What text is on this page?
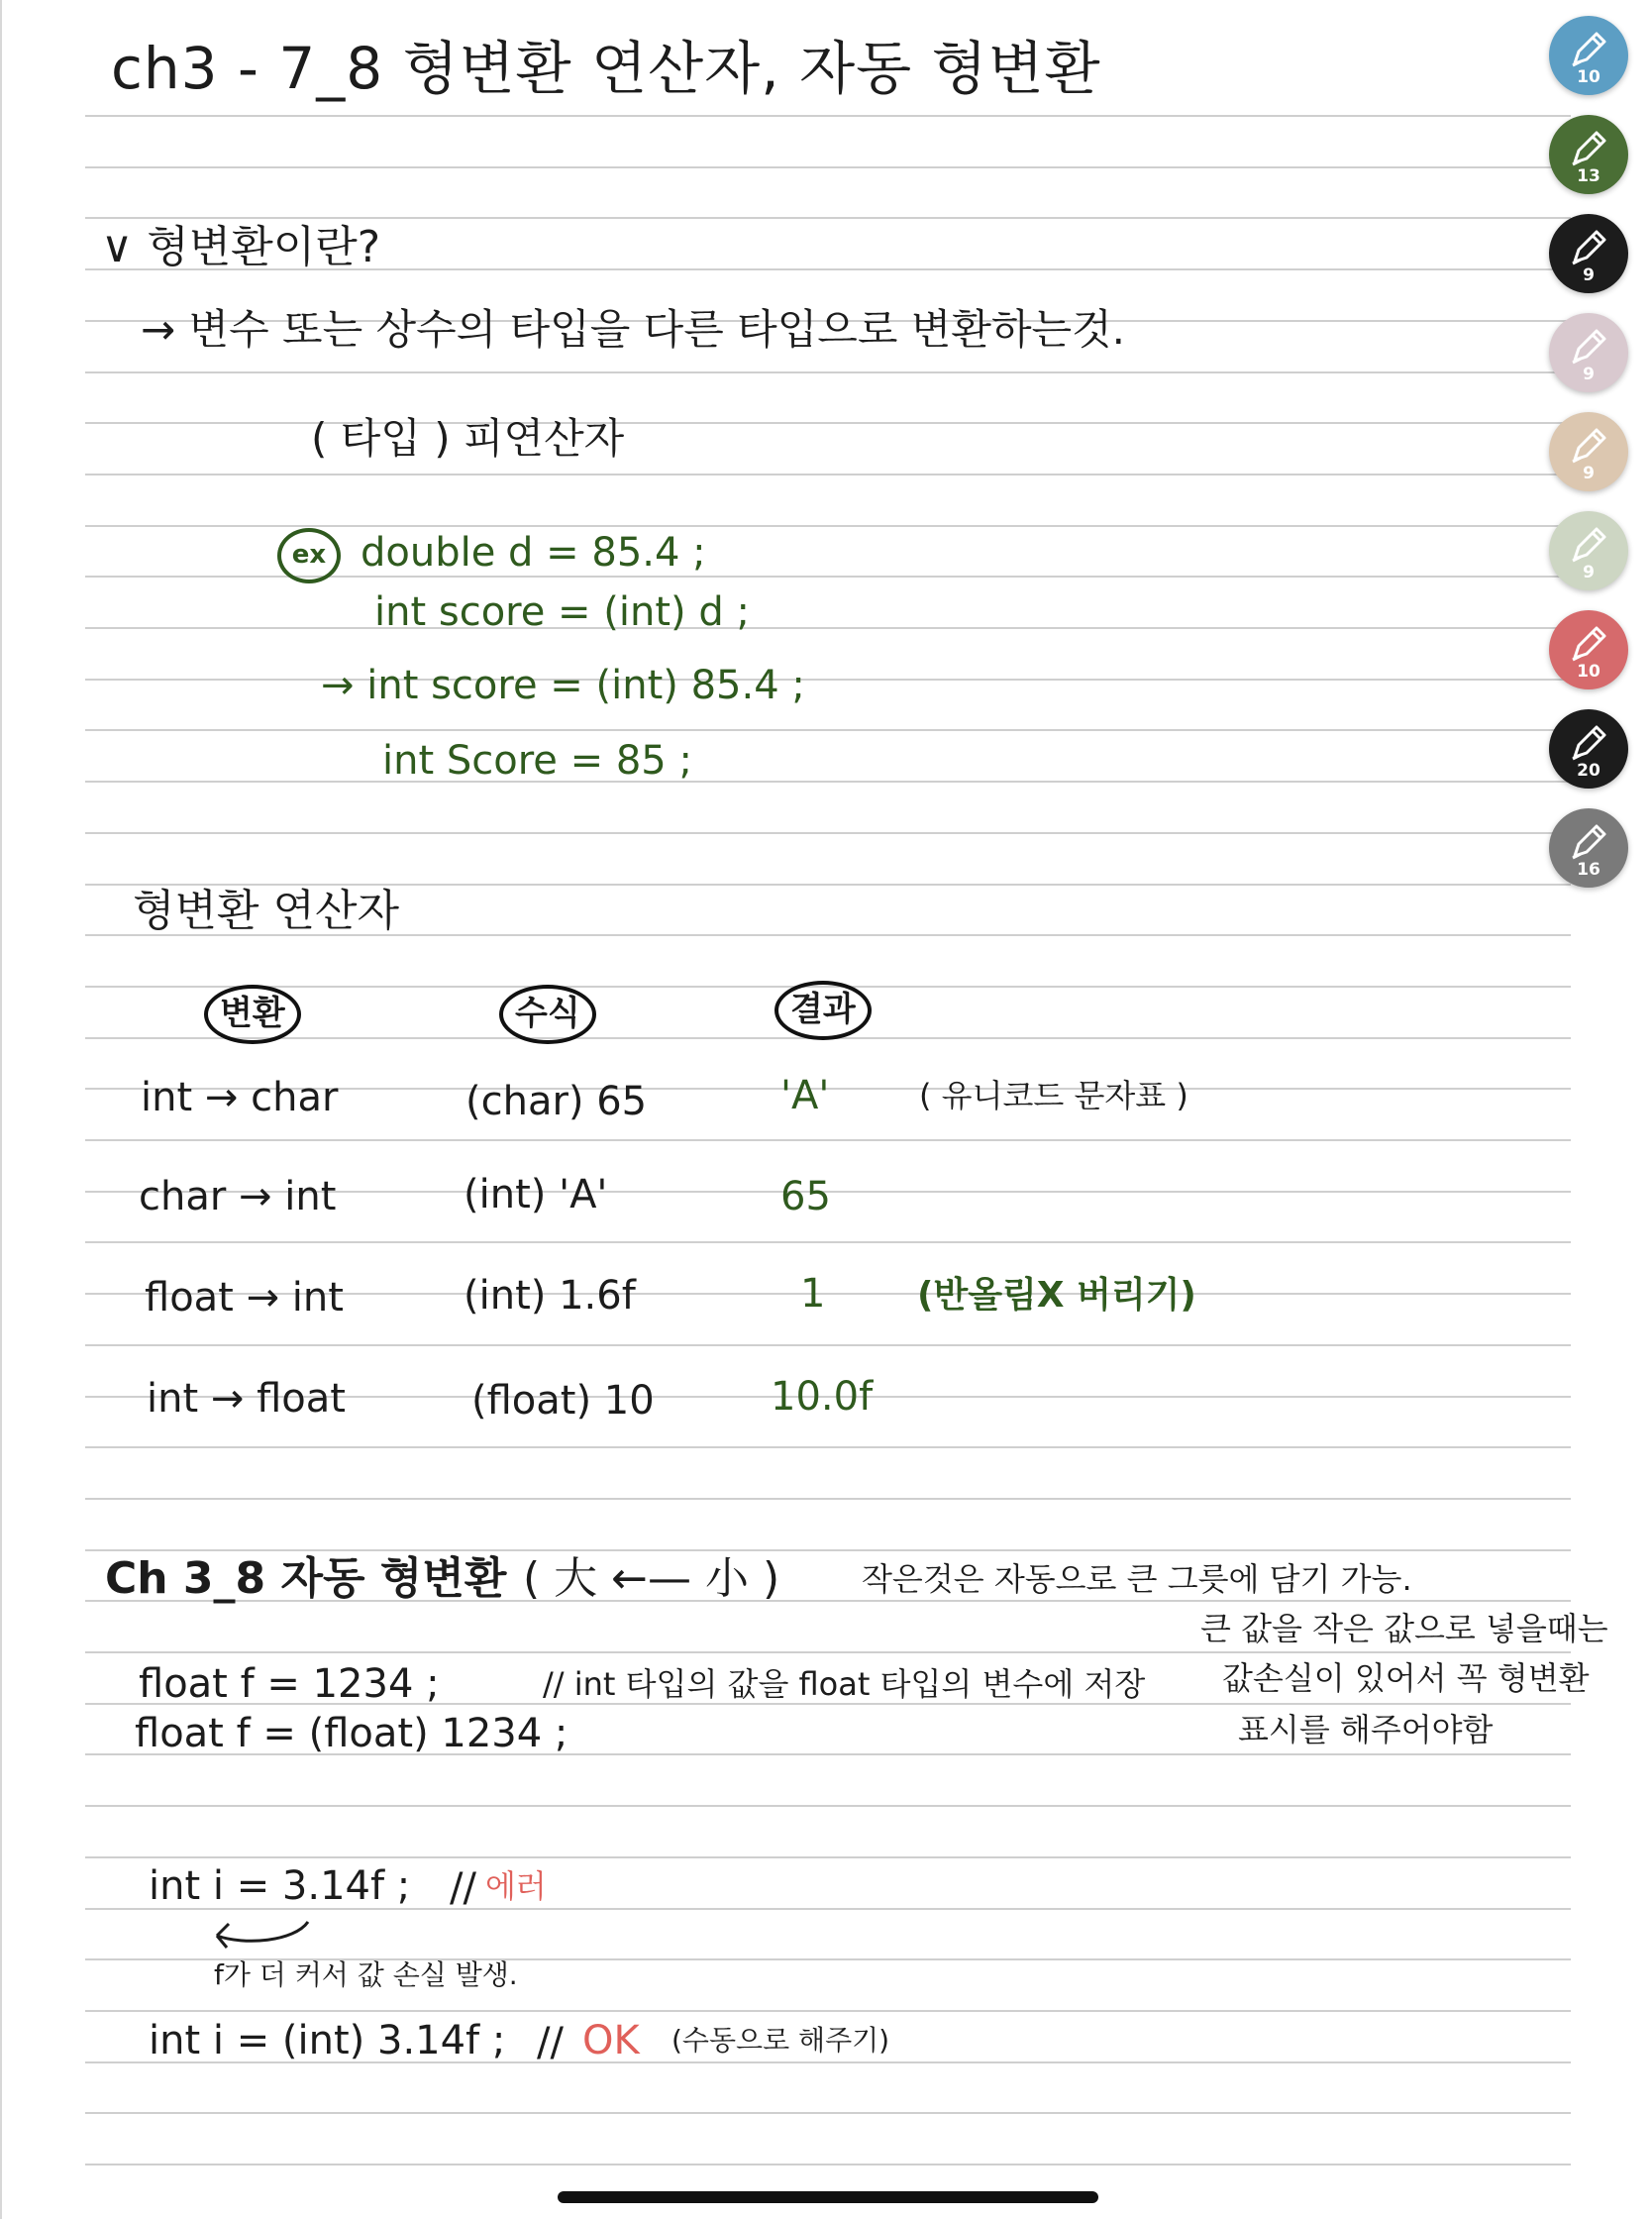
ch3 - 7_8 형변환 연산자, 자동 형변환
∨ 형변환이란?
→ 변수 또는 상수의 타입을 다른 타입으로 변환하는것.
( 타입 ) 피연산자
ex double d = 85.4 ;
int score = (int) d ;
→ int score = (int) 85.4 ;
int Score = 85 ;
형변환 연산자
변환	수식	결과
int → char	(char) 65	'A'	( 유니코드 문자표 )
char → int	(int) 'A'	65
float → int	(int) 1.6f	1	(반올림X 버리기)
int → float	(float) 10	10.0f
Ch 3_8 자동 형변환 ( 大 ←— 小 )	작은것은 자동으로 큰 그릇에 담기 가능.
큰 값을 작은 값으로 넣을때는
값손실이 있어서 꼭 형변환
표시를 해주어야함
float f = 1234 ;	// int 타입의 값을 float 타입의 변수에 저장
float f = (float) 1234 ;
int i = 3.14f ; // 에러
f가 더 커서 값 손실 발생.
int i = (int) 3.14f ; // OK (수동으로 해주기)
10
13
9
9
9
9
10
20
16
